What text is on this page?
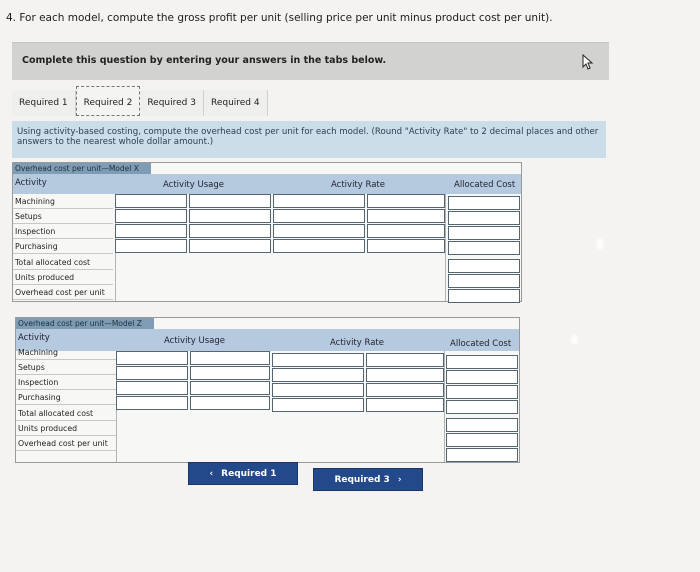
4. For each model, compute the gross profit per unit (selling price per unit minus product cost per unit).
Complete this question by entering your answers in the tabs below.
Required 1	Required 2	Required 3	Required 4
Using activity-based costing, compute the overhead cost per unit for each model. (Round "Activity Rate" to 2 decimal places and other answers to the nearest whole dollar amount.)
Overhead cost per unit—Model X
Activity	Activity Usage	Activity Rate	Allocated Cost
Machining
Setups
Inspection
Purchasing
Total allocated cost
Units produced
Overhead cost per unit
Overhead cost per unit—Model Z
Activity	Activity Usage	Activity Rate	Allocated Cost
Machining
Setups
Inspection
Purchasing
Total allocated cost
Units produced
Overhead cost per unit
‹ Required 1
Required 3 ›
